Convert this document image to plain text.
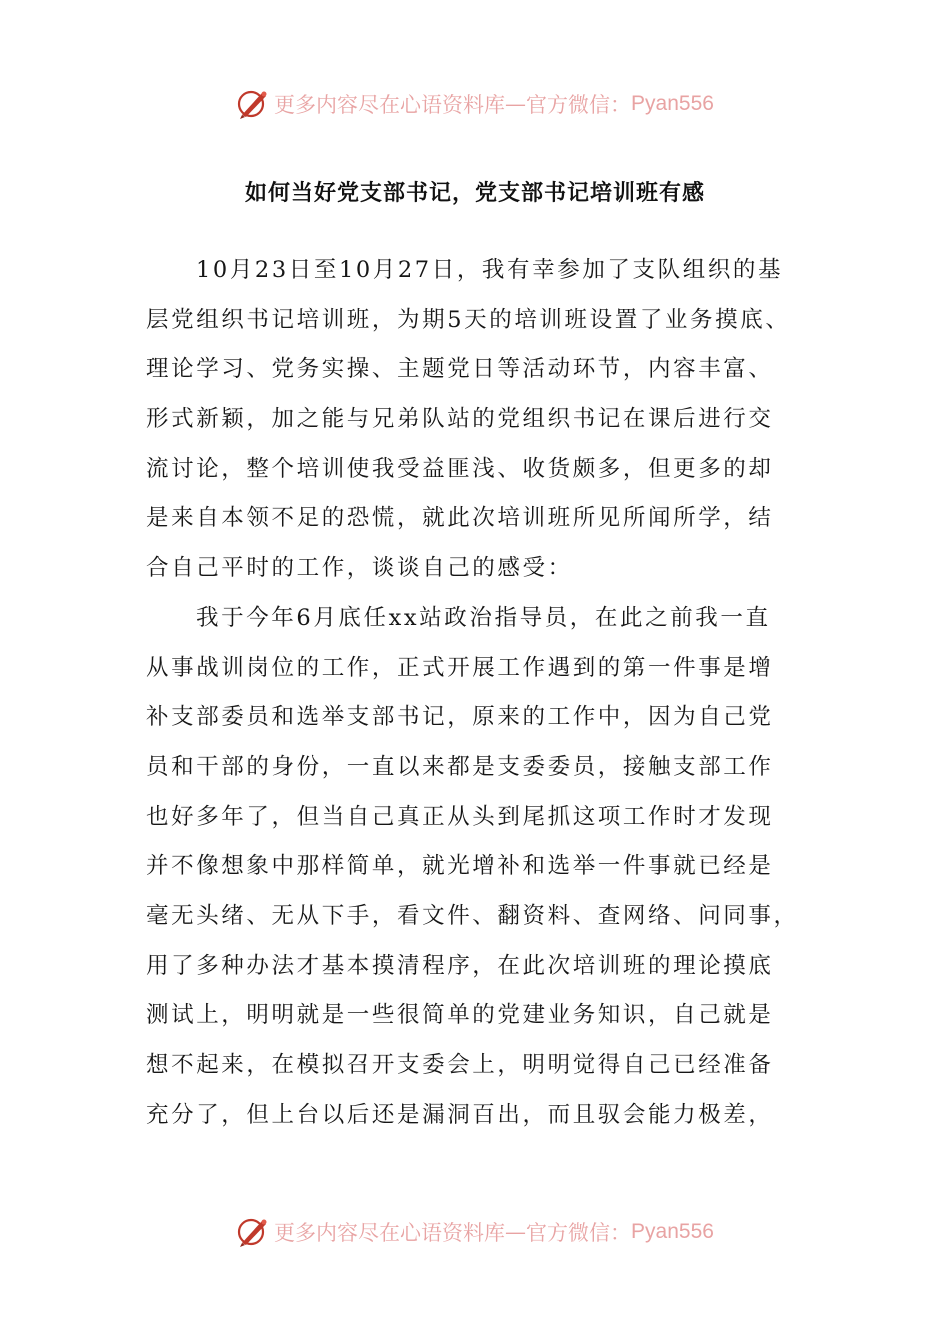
更多内容尽在心语资料库 — 官方微信： Pyan556
如何当好党支部书记，党支部书记培训班有感
10月23日至10月27日，我有幸参加了支队组织的基
层党组织书记培训班，为期5天的培训班设置了业务摸底、
理论学习、党务实操、主题党日等活动环节，内容丰富、
形式新颖，加之能与兄弟队站的党组织书记在课后进行交
流讨论，整个培训使我受益匪浅、收货颇多，但更多的却
是来自本领不足的恐慌，就此次培训班所见所闻所学，结
合自己平时的工作，谈谈自己的感受：
我于今年6月底任xx站政治指导员，在此之前我一直
从事战训岗位的工作，正式开展工作遇到的第一件事是增
补支部委员和选举支部书记，原来的工作中，因为自己党
员和干部的身份，一直以来都是支委委员，接触支部工作
也好多年了，但当自己真正从头到尾抓这项工作时才发现
并不像想象中那样简单，就光增补和选举一件事就已经是
毫无头绪、无从下手，看文件、翻资料、查网络、问同事，
用了多种办法才基本摸清程序，在此次培训班的理论摸底
测试上，明明就是一些很简单的党建业务知识，自己就是
想不起来，在模拟召开支委会上，明明觉得自己已经准备
充分了，但上台以后还是漏洞百出，而且驭会能力极差，
更多内容尽在心语资料库 — 官方微信： Pyan556
